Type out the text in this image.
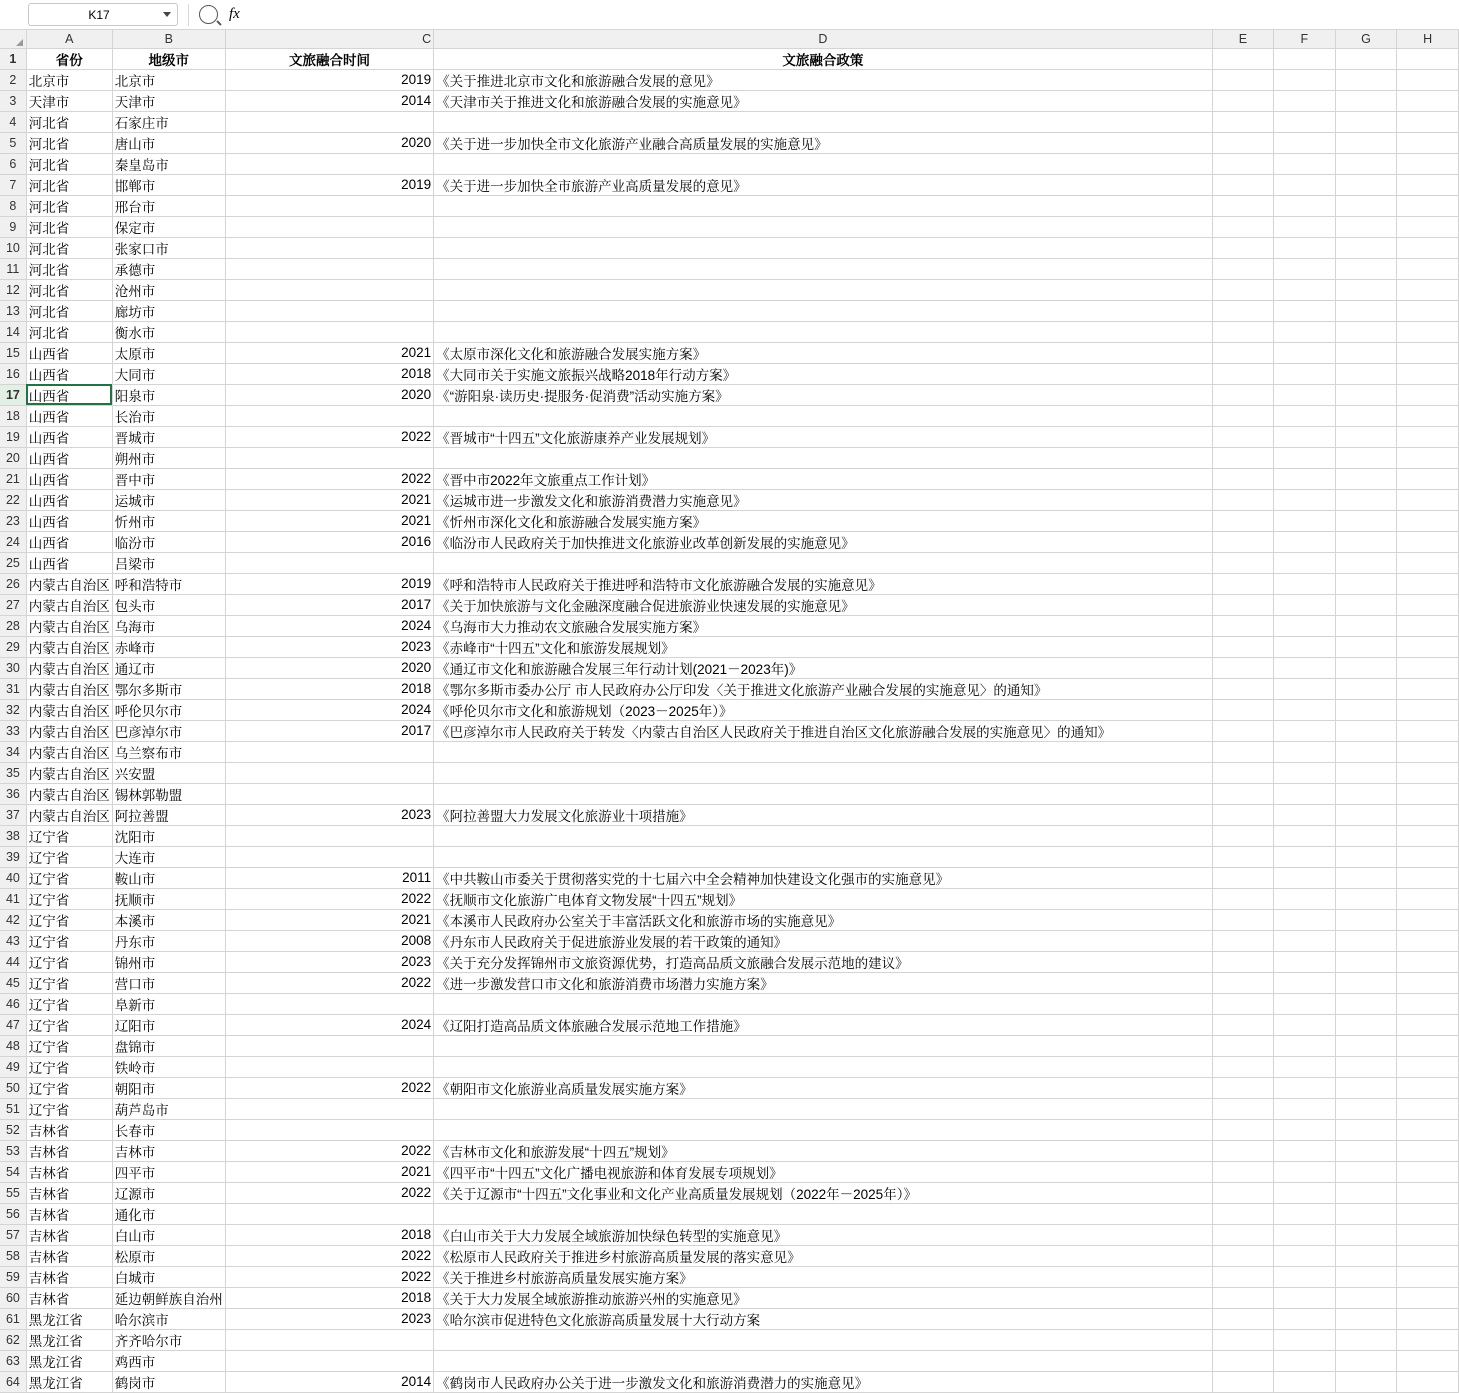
K17	fx
	A	B	C	D	E	F	G	H
1	省份	地级市	文旅融合时间	文旅融合政策				
2	北京市	北京市	2019	《关于推进北京市文化和旅游融合发展的意见》				
3	天津市	天津市	2014	《天津市关于推进文化和旅游融合发展的实施意见》				
4	河北省	石家庄市						
5	河北省	唐山市	2020	《关于进一步加快全市文化旅游产业融合高质量发展的实施意见》				
6	河北省	秦皇岛市						
7	河北省	邯郸市	2019	《关于进一步加快全市旅游产业高质量发展的意见》				
8	河北省	邢台市						
9	河北省	保定市						
10	河北省	张家口市						
11	河北省	承德市						
12	河北省	沧州市						
13	河北省	廊坊市						
14	河北省	衡水市						
15	山西省	太原市	2021	《太原市深化文化和旅游融合发展实施方案》				
16	山西省	大同市	2018	《大同市关于实施文旅振兴战略2018年行动方案》				
17	山西省	阳泉市	2020	《“游阳泉·读历史·提服务·促消费”活动实施方案》				
18	山西省	长治市						
19	山西省	晋城市	2022	《晋城市“十四五”文化旅游康养产业发展规划》				
20	山西省	朔州市						
21	山西省	晋中市	2022	《晋中市2022年文旅重点工作计划》				
22	山西省	运城市	2021	《运城市进一步激发文化和旅游消费潜力实施意见》				
23	山西省	忻州市	2021	《忻州市深化文化和旅游融合发展实施方案》				
24	山西省	临汾市	2016	《临汾市人民政府关于加快推进文化旅游业改革创新发展的实施意见》				
25	山西省	吕梁市						
26	内蒙古自治区	呼和浩特市	2019	《呼和浩特市人民政府关于推进呼和浩特市文化旅游融合发展的实施意见》				
27	内蒙古自治区	包头市	2017	《关于加快旅游与文化金融深度融合促进旅游业快速发展的实施意见》				
28	内蒙古自治区	乌海市	2024	《乌海市大力推动农文旅融合发展实施方案》				
29	内蒙古自治区	赤峰市	2023	《赤峰市“十四五”文化和旅游发展规划》				
30	内蒙古自治区	通辽市	2020	《通辽市文化和旅游融合发展三年行动计划(2021－2023年)》				
31	内蒙古自治区	鄂尔多斯市	2018	《鄂尔多斯市委办公厅 市人民政府办公厅印发〈关于推进文化旅游产业融合发展的实施意见〉的通知》				
32	内蒙古自治区	呼伦贝尔市	2024	《呼伦贝尔市文化和旅游规划（2023－2025年）》				
33	内蒙古自治区	巴彦淖尔市	2017	《巴彦淖尔市人民政府关于转发〈内蒙古自治区人民政府关于推进自治区文化旅游融合发展的实施意见〉的通知》				
34	内蒙古自治区	乌兰察布市						
35	内蒙古自治区	兴安盟						
36	内蒙古自治区	锡林郭勒盟						
37	内蒙古自治区	阿拉善盟	2023	《阿拉善盟大力发展文化旅游业十项措施》				
38	辽宁省	沈阳市						
39	辽宁省	大连市						
40	辽宁省	鞍山市	2011	《中共鞍山市委关于贯彻落实党的十七届六中全会精神加快建设文化强市的实施意见》				
41	辽宁省	抚顺市	2022	《抚顺市文化旅游广电体育文物发展“十四五”规划》				
42	辽宁省	本溪市	2021	《本溪市人民政府办公室关于丰富活跃文化和旅游市场的实施意见》				
43	辽宁省	丹东市	2008	《丹东市人民政府关于促进旅游业发展的若干政策的通知》				
44	辽宁省	锦州市	2023	《关于充分发挥锦州市文旅资源优势，打造高品质文旅融合发展示范地的建议》				
45	辽宁省	营口市	2022	《进一步激发营口市文化和旅游消费市场潜力实施方案》				
46	辽宁省	阜新市						
47	辽宁省	辽阳市	2024	《辽阳打造高品质文体旅融合发展示范地工作措施》				
48	辽宁省	盘锦市						
49	辽宁省	铁岭市						
50	辽宁省	朝阳市	2022	《朝阳市文化旅游业高质量发展实施方案》				
51	辽宁省	葫芦岛市						
52	吉林省	长春市						
53	吉林省	吉林市	2022	《吉林市文化和旅游发展“十四五”规划》				
54	吉林省	四平市	2021	《四平市“十四五”文化广播电视旅游和体育发展专项规划》				
55	吉林省	辽源市	2022	《关于辽源市“十四五”文化事业和文化产业高质量发展规划（2022年－2025年）》				
56	吉林省	通化市						
57	吉林省	白山市	2018	《白山市关于大力发展全域旅游加快绿色转型的实施意见》				
58	吉林省	松原市	2022	《松原市人民政府关于推进乡村旅游高质量发展的落实意见》				
59	吉林省	白城市	2022	《关于推进乡村旅游高质量发展实施方案》				
60	吉林省	延边朝鲜族自治州	2018	《关于大力发展全域旅游推动旅游兴州的实施意见》				
61	黑龙江省	哈尔滨市	2023	《哈尔滨市促进特色文化旅游高质量发展十大行动方案				
62	黑龙江省	齐齐哈尔市						
63	黑龙江省	鸡西市						
64	黑龙江省	鹤岗市	2014	《鹤岗市人民政府办公关于进一步激发文化和旅游消费潜力的实施意见》				
